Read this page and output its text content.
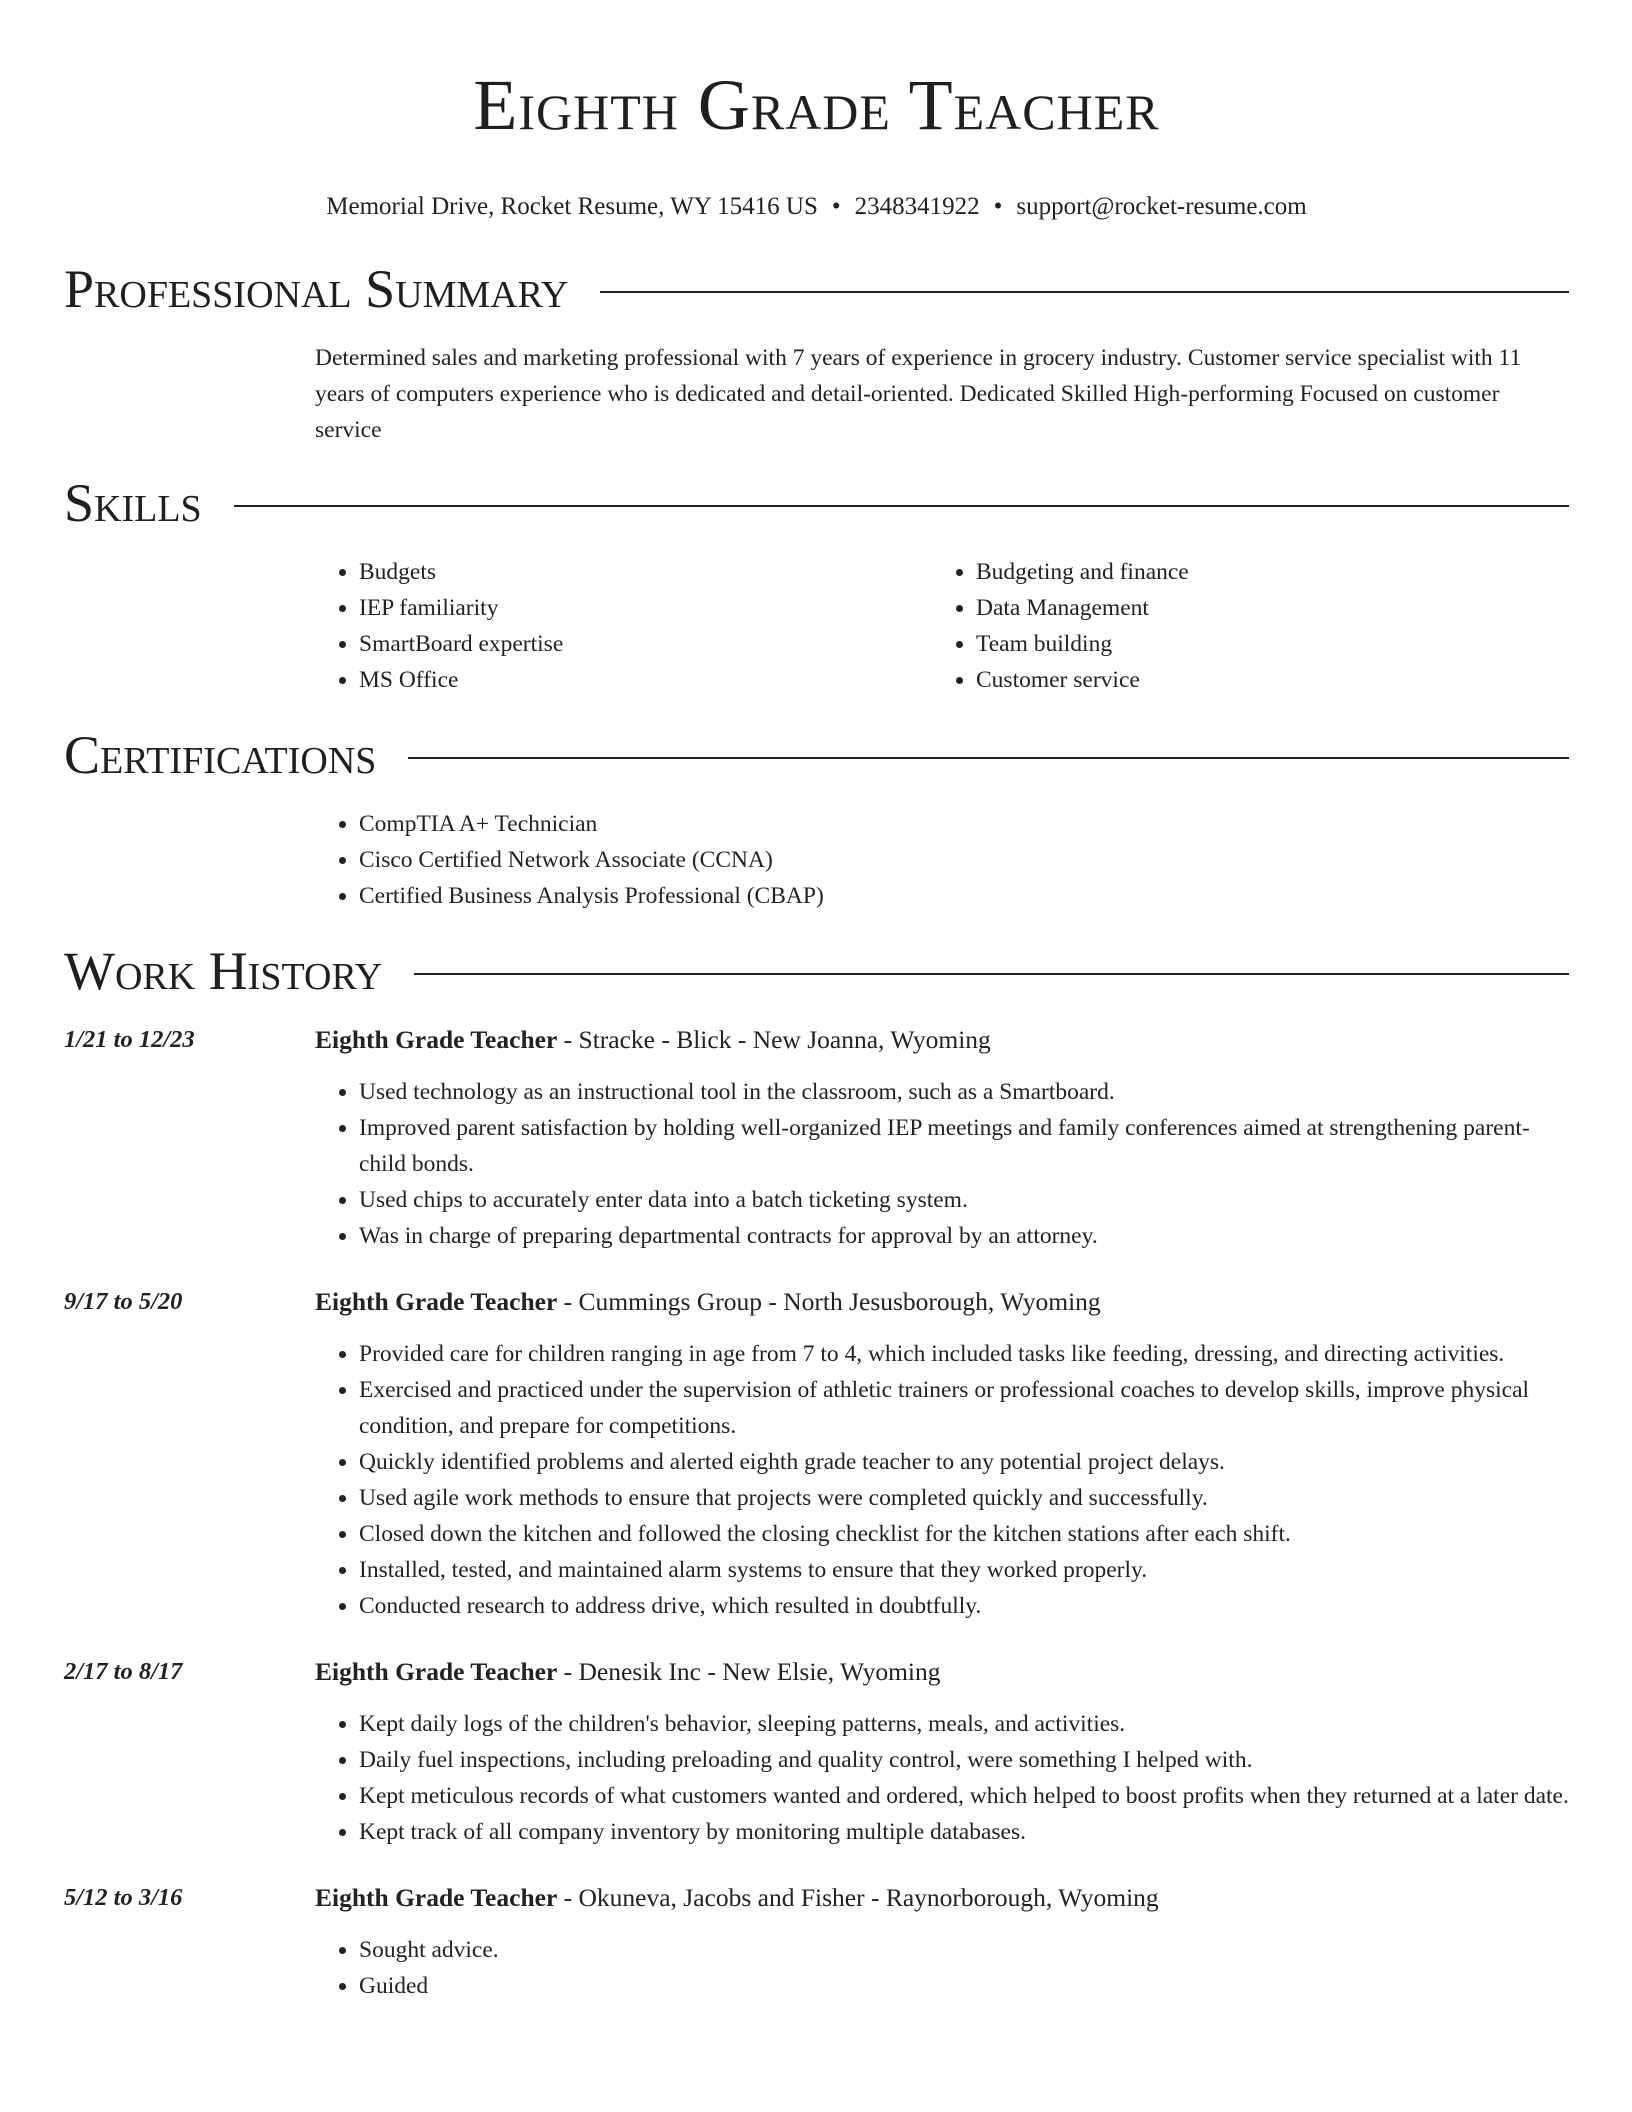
Eighth Grade Teacher
Memorial Drive, Rocket Resume, WY 15416 US • 2348341922 • support@rocket-resume.com
Professional Summary

Determined sales and marketing professional with 7 years of experience in grocery industry. Customer service specialist with 11 years of computers experience who is dedicated and detail-oriented. Dedicated Skilled High-performing Focused on customer service

Skills
• Budgets
• IEP familiarity
• SmartBoard expertise
• MS Office
• Budgeting and finance
• Data Management
• Team building
• Customer service
Certifications
• CompTIA A+ Technician
• Cisco Certified Network Associate (CCNA)
• Certified Business Analysis Professional (CBAP)
Work History
1/21 to 12/23	Eighth Grade Teacher - Stracke - Blick - New Joanna, Wyoming
• Used technology as an instructional tool in the classroom, such as a Smartboard.
• Improved parent satisfaction by holding well-organized IEP meetings and family conferences aimed at strengthening parent-child bonds.
• Used chips to accurately enter data into a batch ticketing system.
• Was in charge of preparing departmental contracts for approval by an attorney.
9/17 to 5/20	Eighth Grade Teacher - Cummings Group - North Jesusborough, Wyoming
• Provided care for children ranging in age from 7 to 4, which included tasks like feeding, dressing, and directing activities.
• Exercised and practiced under the supervision of athletic trainers or professional coaches to develop skills, improve physical condition, and prepare for competitions.
• Quickly identified problems and alerted eighth grade teacher to any potential project delays.
• Used agile work methods to ensure that projects were completed quickly and successfully.
• Closed down the kitchen and followed the closing checklist for the kitchen stations after each shift.
• Installed, tested, and maintained alarm systems to ensure that they worked properly.
• Conducted research to address drive, which resulted in doubtfully.
2/17 to 8/17	Eighth Grade Teacher - Denesik Inc - New Elsie, Wyoming
• Kept daily logs of the children's behavior, sleeping patterns, meals, and activities.
• Daily fuel inspections, including preloading and quality control, were something I helped with.
• Kept meticulous records of what customers wanted and ordered, which helped to boost profits when they returned at a later date.
• Kept track of all company inventory by monitoring multiple databases.
5/12 to 3/16	Eighth Grade Teacher - Okuneva, Jacobs and Fisher - Raynorborough, Wyoming
• Sought advice.
• Guided
